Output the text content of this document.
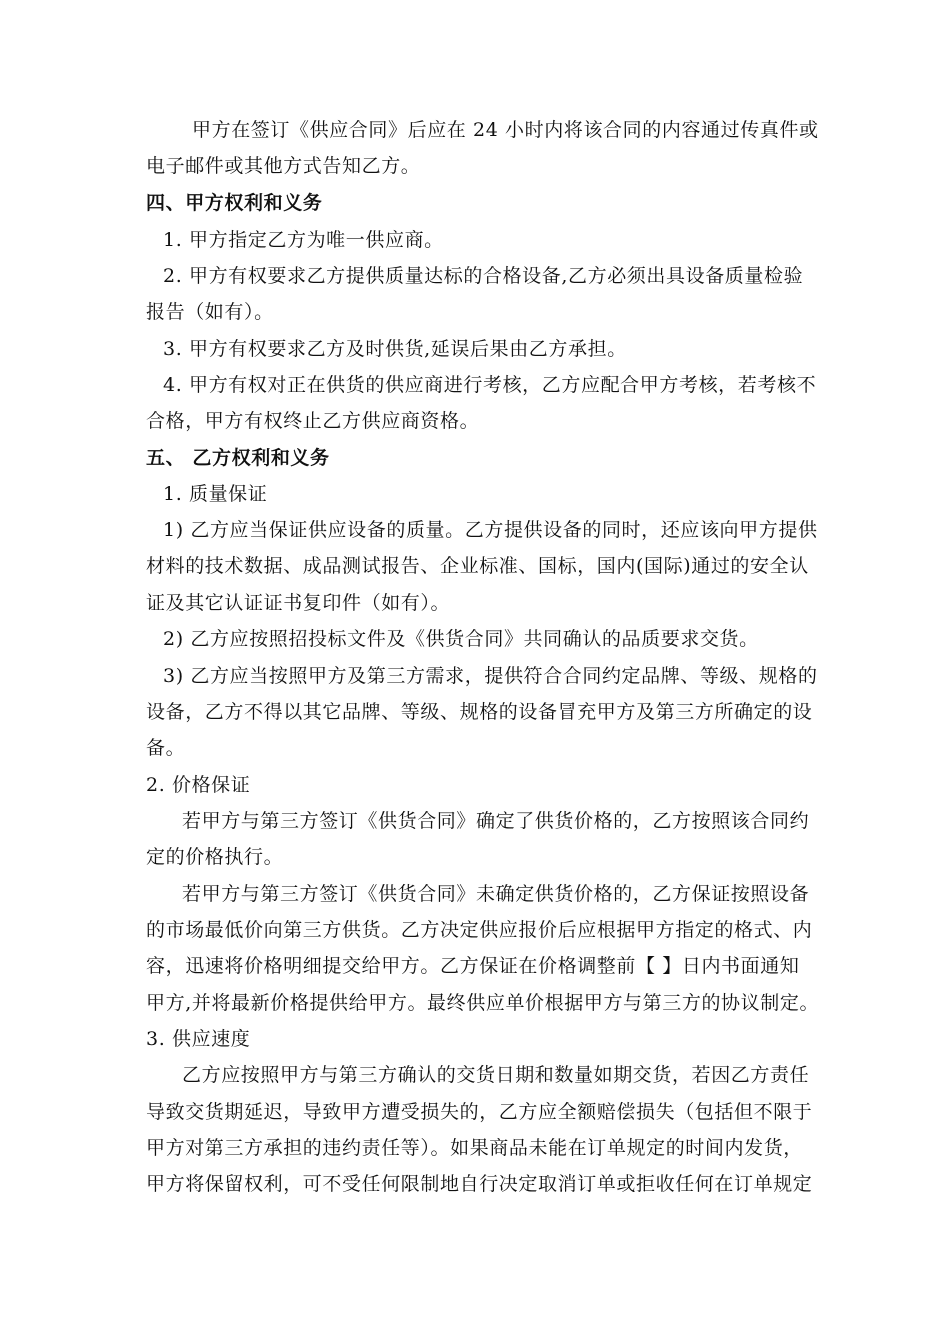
甲方在签订《供应合同》后应在 24 小时内将该合同的内容通过传真件或
电子邮件或其他方式告知乙方。
四、甲方权利和义务
1. 甲方指定乙方为唯一供应商。
2. 甲方有权要求乙方提供质量达标的合格设备,乙方必须出具设备质量检验
报告（如有）。
3. 甲方有权要求乙方及时供货,延误后果由乙方承担。
4. 甲方有权对正在供货的供应商进行考核，乙方应配合甲方考核，若考核不
合格，甲方有权终止乙方供应商资格。
五、 乙方权利和义务
1. 质量保证
1) 乙方应当保证供应设备的质量。乙方提供设备的同时，还应该向甲方提供
材料的技术数据、成品测试报告、企业标准、国标，国内(国际)通过的安全认
证及其它认证证书复印件（如有）。
2) 乙方应按照招投标文件及《供货合同》共同确认的品质要求交货。
3) 乙方应当按照甲方及第三方需求，提供符合合同约定品牌、等级、规格的
设备，乙方不得以其它品牌、等级、规格的设备冒充甲方及第三方所确定的设
备。
2. 价格保证
若甲方与第三方签订《供货合同》确定了供货价格的，乙方按照该合同约
定的价格执行。
若甲方与第三方签订《供货合同》未确定供货价格的，乙方保证按照设备
的市场最低价向第三方供货。乙方决定供应报价后应根据甲方指定的格式、内
容，迅速将价格明细提交给甲方。乙方保证在价格调整前【 】日内书面通知
甲方,并将最新价格提供给甲方。最终供应单价根据甲方与第三方的协议制定。
3. 供应速度
乙方应按照甲方与第三方确认的交货日期和数量如期交货，若因乙方责任
导致交货期延迟，导致甲方遭受损失的，乙方应全额赔偿损失（包括但不限于
甲方对第三方承担的违约责任等）。如果商品未能在订单规定的时间内发货，
甲方将保留权利，可不受任何限制地自行决定取消订单或拒收任何在订单规定
